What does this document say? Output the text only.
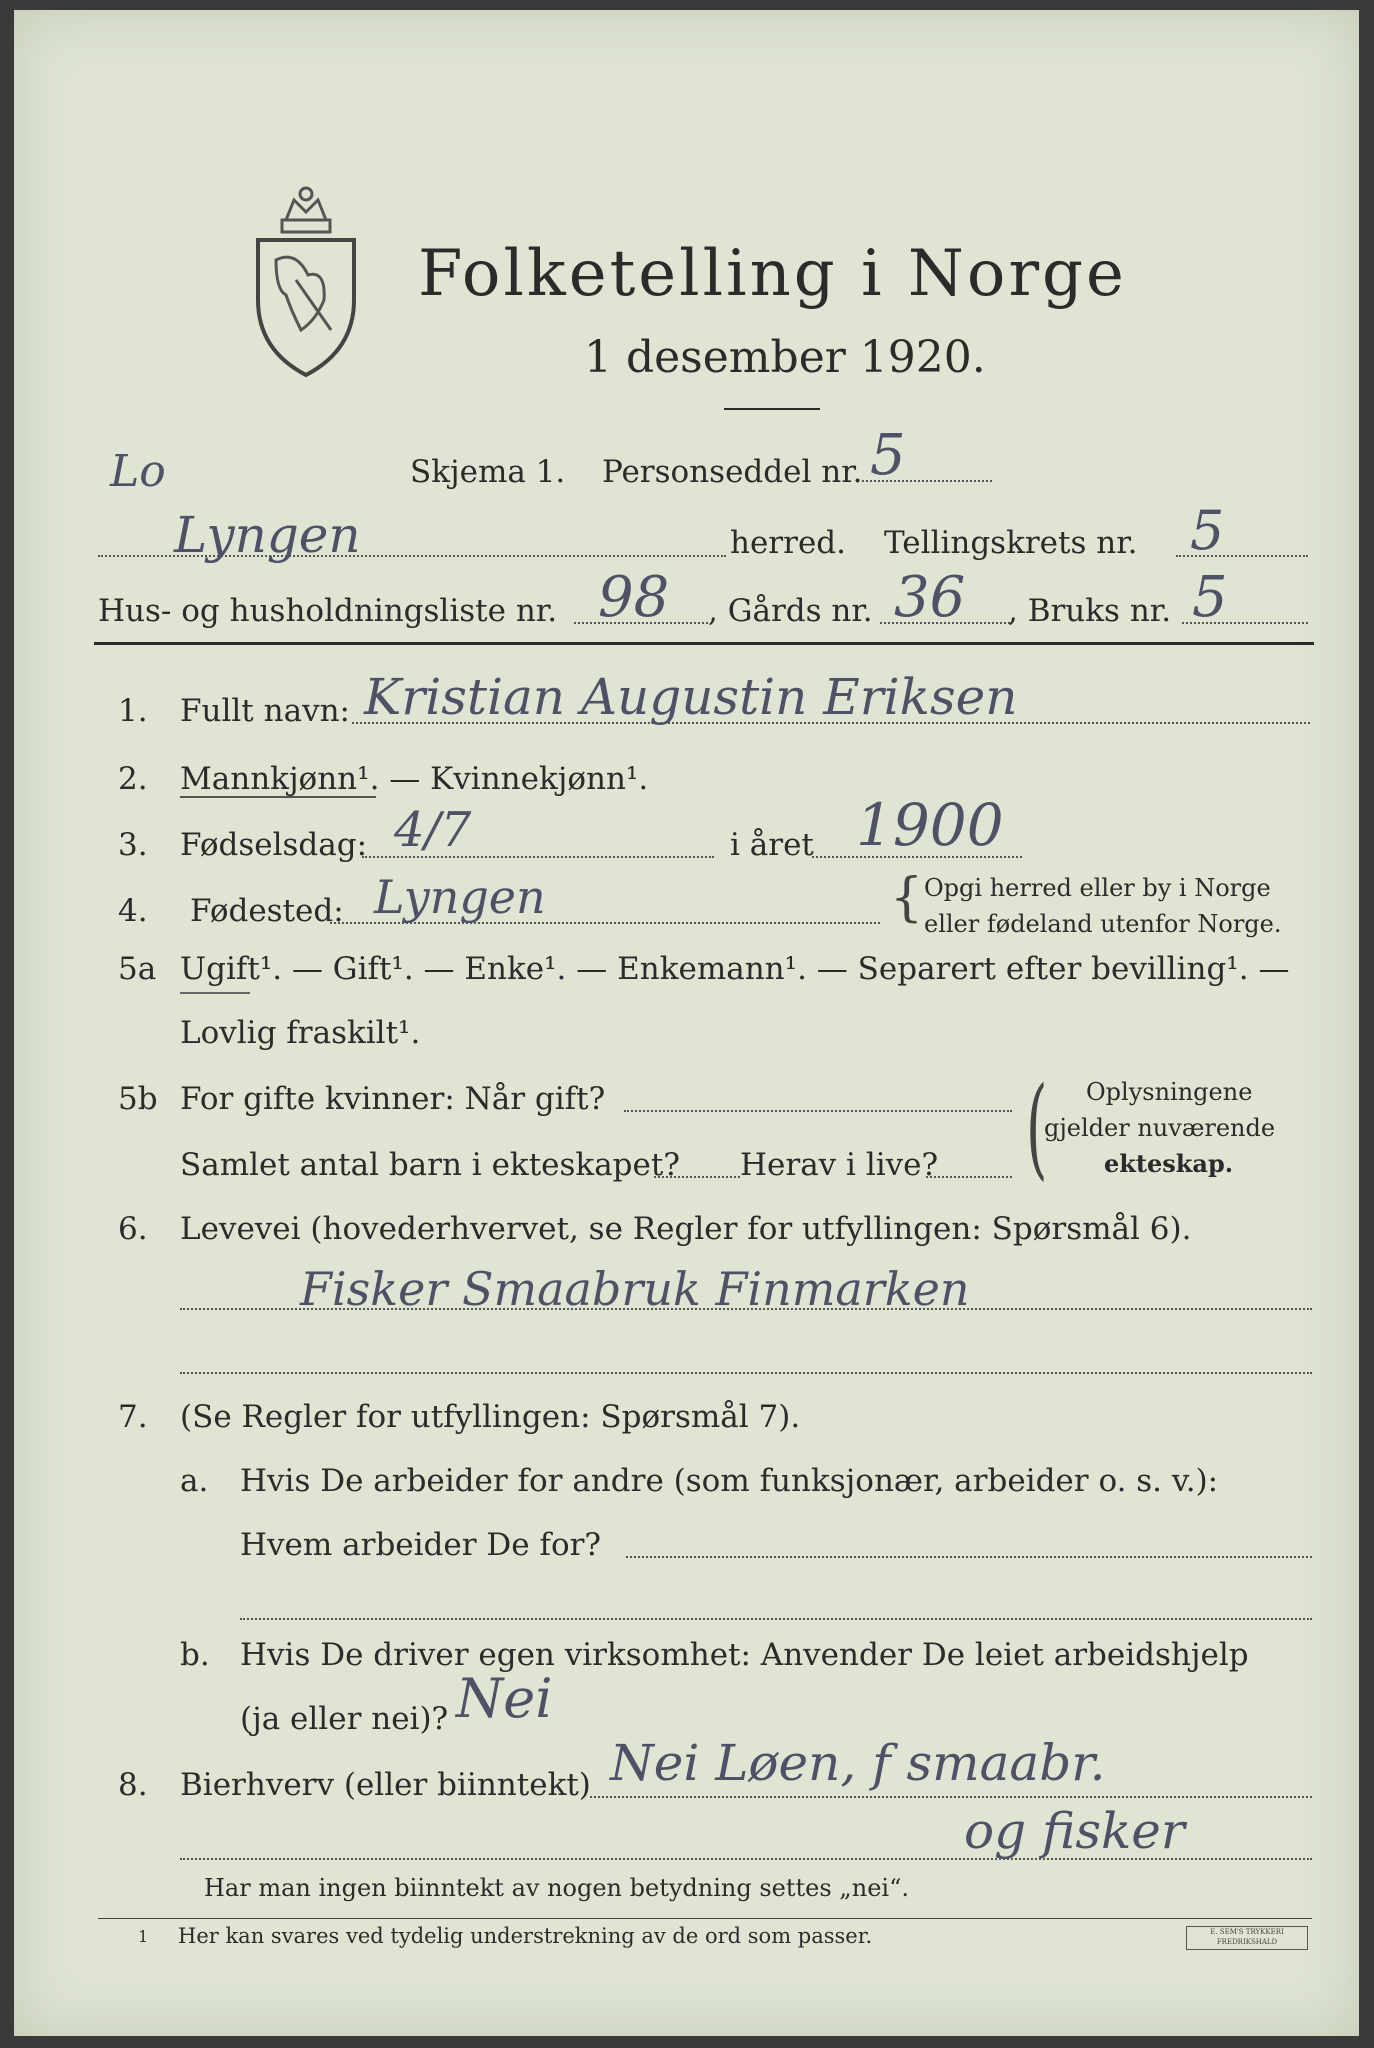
Folketelling i Norge
1 desember 1920.
Skjema 1. Personseddel nr. 5
Lo
Lyngen	herred. Tellingskrets nr. 5
Hus- og husholdningsliste nr. 98 , Gårds nr. 36 , Bruks nr. 5
1. Fullt navn: Kristian Augustin Eriksen
2. Mannkjønn¹. — Kvinnekjønn¹.
3. Fødselsdag: 4/7	i året 1900
4. Fødested: Lyngen	{ Opgi herred eller by i Norge
eller fødeland utenfor Norge.
5a Ugift¹. — Gift¹. — Enke¹. — Enkemann¹. — Separert efter bevilling¹. —
Lovlig fraskilt¹.
5b For gifte kvinner: Når gift?
Samlet antal barn i ekteskapet? Herav i live? ( Oplysningene
gjelder nuværende
ekteskap.
6. Levevei (hovederhvervet, se Regler for utfyllingen: Spørsmål 6).
Fisker Smaabruk Finmarken
7. (Se Regler for utfyllingen: Spørsmål 7).
a. Hvis De arbeider for andre (som funksjonær, arbeider o. s. v.):
Hvem arbeider De for?
b. Hvis De driver egen virksomhet: Anvender De leiet arbeidshjelp
(ja eller nei)? Nei
8. Bierhverv (eller biinntekt) Nei Løen, f smaabr.
og fisker
Har man ingen biinntekt av nogen betydning settes „nei“.
1 Her kan svares ved tydelig understrekning av de ord som passer.	E. SEM'S TRYKKERI FREDRIKSHALD
